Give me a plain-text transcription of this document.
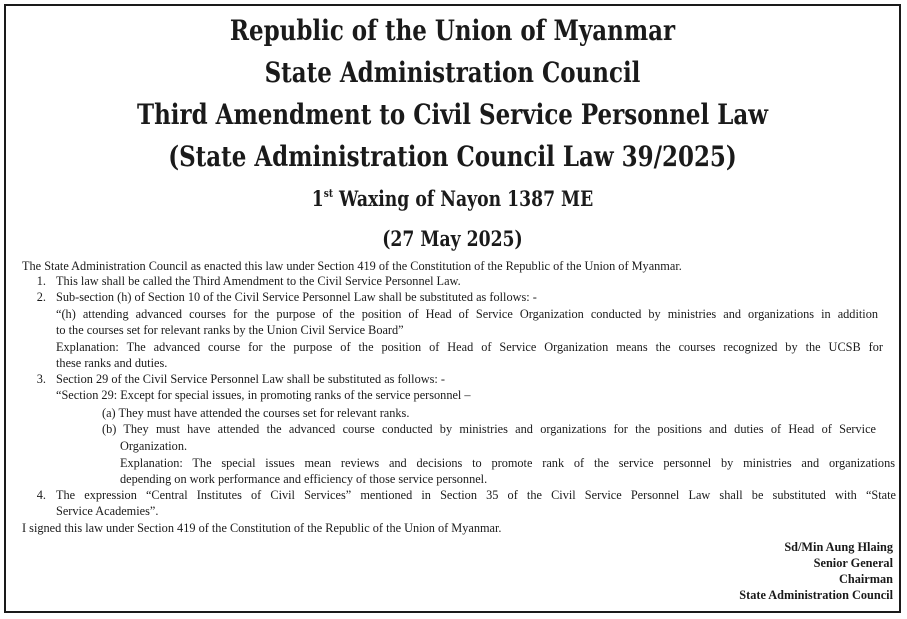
Republic of the Union of Myanmar
State Administration Council
Third Amendment to Civil Service Personnel Law
(State Administration Council Law 39/2025)
1st Waxing of Nayon 1387 ME
(27 May 2025)
The State Administration Council as enacted this law under Section 419 of the Constitution of the Republic of the Union of Myanmar.
1. This law shall be called the Third Amendment to the Civil Service Personnel Law.
2. Sub-section (h) of Section 10 of the Civil Service Personnel Law shall be substituted as follows: -
“(h) attending advanced courses for the purpose of the position of Head of Service Organization conducted by ministries and organizations in addition
to the courses set for relevant ranks by the Union Civil Service Board”
Explanation: The advanced course for the purpose of the position of Head of Service Organization means the courses recognized by the UCSB for
these ranks and duties.
3. Section 29 of the Civil Service Personnel Law shall be substituted as follows: -
“Section 29: Except for special issues, in promoting ranks of the service personnel –
(a) They must have attended the courses set for relevant ranks.
(b) They must have attended the advanced course conducted by ministries and organizations for the positions and duties of Head of Service
Organization.
Explanation: The special issues mean reviews and decisions to promote rank of the service personnel by ministries and organizations
depending on work performance and efficiency of those service personnel.
4. The expression “Central Institutes of Civil Services” mentioned in Section 35 of the Civil Service Personnel Law shall be substituted with “State
Service Academies”.
I signed this law under Section 419 of the Constitution of the Republic of the Union of Myanmar.
Sd/Min Aung Hlaing
Senior General
Chairman
State Administration Council
